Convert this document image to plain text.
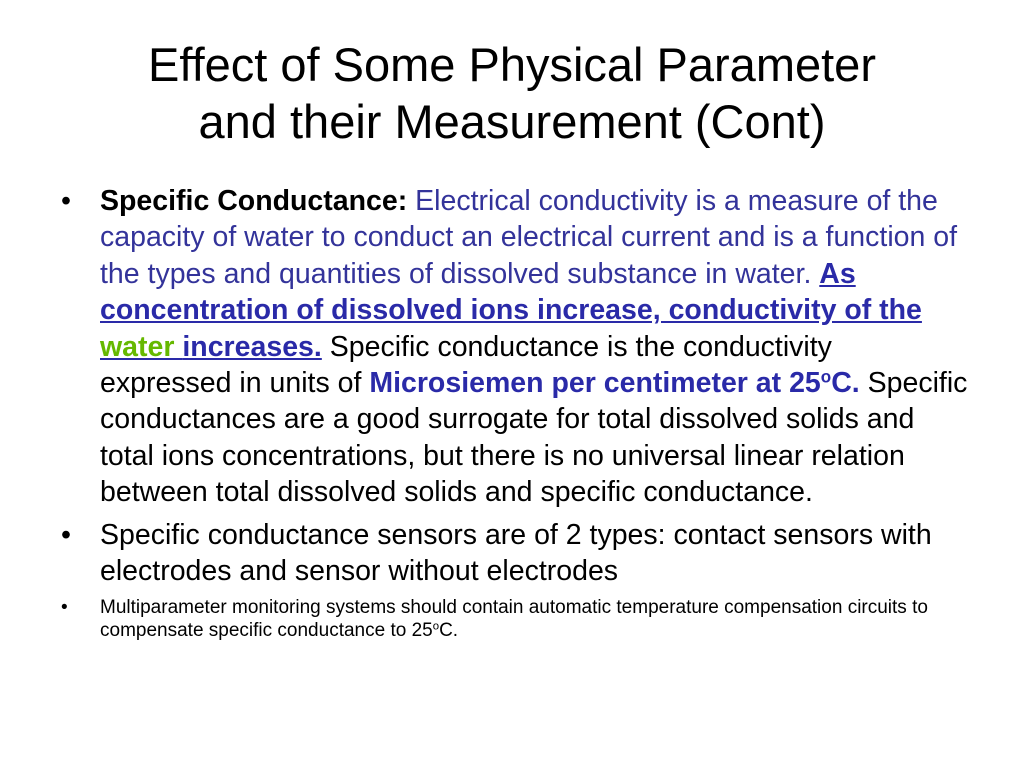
Effect of Some Physical Parameter
and their Measurement (Cont)
• Specific Conductance: Electrical conductivity is a measure of the capacity of water to conduct an electrical current and is a function of the types and quantities of dissolved substance in water. As concentration of dissolved ions increase, conductivity of the water increases. Specific conductance is the conductivity expressed in units of Microsiemen per centimeter at 25$^o$C. Specific conductances are a good surrogate for total dissolved solids and total ions concentrations, but there is no universal linear relation between total dissolved solids and specific conductance.
• Specific conductance sensors are of 2 types: contact sensors with electrodes and sensor without electrodes
• Multiparameter monitoring systems should contain automatic temperature compensation circuits to compensate specific conductance to 25$^o$C.
